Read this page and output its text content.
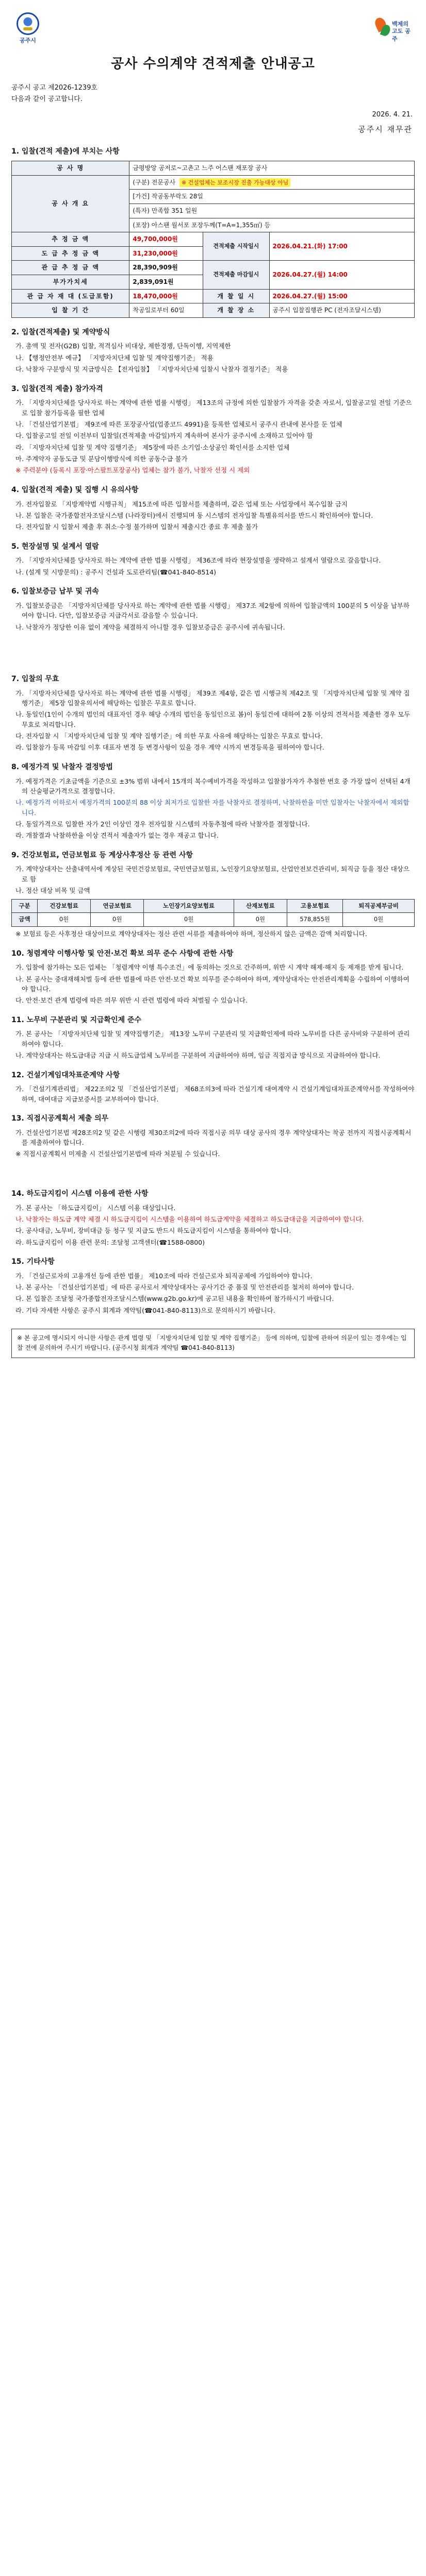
공주시
백제의
고도 공주
공사 수의계약 견적제출 안내공고
공주시 공고 제2026-1239호
다음과 같이 공고합니다.
2026. 4. 21.
공주시 재무관
1. 입찰(견적 제출)에 부치는 사항
공 사 명	금평방앙 공저로~고촌고 느주 어스팬 재포장 공사		
공 사 개 요	(구분) 전문공사 ※ 건설업체는 보조시장 진출 가능대상 아님		
	[가건] 작공동부락도 28일		
	(특자) 만족합 351 일원		
	(포장) 아스팬 월서포 포장두께(T=A=1,355㎡) 등		
추 정 금 액	49,700,000원	견적제출 시작일시	2026.04.21.(화) 17:00
도 급 추 정 금 액	31,230,000원		
관 급 추 정 금 액	28,390,909원	견적제출 마감일시	2026.04.27.(월) 14:00
부가가치세	2,839,091원		
관 급 자 재 대 (도급포함)	18,470,000원	개 찰 일 시	2026.04.27.(월) 15:00
입 찰 기 간	착공일로부터 60일	개 찰 장 소	공주시 입찰집행관 PC (전자조달시스템)
2. 입찰(견적제출) 및 계약방식
가. 총액 및 전자(G2B) 입찰, 적격심사 비대상, 제한경쟁, 단독이행, 지역제한
나. 【행정안전부 예규】 「지방자치단체 입찰 및 계약집행기준」 적용
다. 낙찰자 구분방식 및 지급방식은 【전자입찰】 「지방자치단체 입찰시 낙찰자 결정기준」 적용
3. 입찰(견적 제출) 참가자격
가. 「지방자치단체를 당사자로 하는 계약에 관한 법률 시행령」 제13조의 규정에 의한 입찰참가 자격을 갖춘 자로서, 입찰공고일 전일 기준으로 입찰 참가등록을 필한 업체
나. 「건설산업기본법」 제9조에 따른 포장공사업(업종코드 4991)을 등록한 업체로서 공주시 관내에 본사를 둔 업체
다. 입찰공고일 전일 이전부터 입찰일(견적제출 마감일)까지 계속하여 본사가 공주시에 소재하고 있어야 함
라. 「지방자치단체 입찰 및 계약 집행기준」 제5장에 따른 소기업·소상공인 확인서를 소지한 업체
마. 주계약자 공동도급 및 분담이행방식에 의한 공동수급 불가
※ 주력분야 (등록시 포장·아스팔트포장공사) 업체는 참가 불가, 낙찰자 선정 시 제외
4. 입찰(견적 제출) 및 집행 시 유의사항
가. 전자입찰로 「지방계약법 시행규칙」 제15조에 따른 입찰서를 제출하며, 같은 업체 또는 사업장에서 복수입찰 금지
나. 본 입찰은 국가종합전자조달시스템 (나라장터)에서 진행되며 동 시스템의 전자입찰 특별유의서를 반드시 확인하여야 합니다.
다. 전자입찰 시 입찰서 제출 후 취소·수정 불가하며 입찰서 제출시간 종료 후 제출 불가
5. 현장설명 및 설계서 열람
가. 「지방자치단체를 당사자로 하는 계약에 관한 법률 시행령」 제36조에 따라 현장설명을 생략하고 설계서 열람으로 갈음합니다.
나. (설계 및 시방문의) : 공주시 건설과 도로관리팀(☎041-840-8514)
6. 입찰보증금 납부 및 귀속
가. 입찰보증금은 「지방자치단체를 당사자로 하는 계약에 관한 법률 시행령」 제37조 제2항에 의하여 입찰금액의 100분의 5 이상을 납부하여야 합니다. 다만, 입찰보증금 지급각서로 갈음할 수 있습니다.
나. 낙찰자가 정당한 이유 없이 계약을 체결하지 아니할 경우 입찰보증금은 공주시에 귀속됩니다.
7. 입찰의 무효
가. 「지방자치단체를 당사자로 하는 계약에 관한 법률 시행령」 제39조 제4항, 같은 법 시행규칙 제42조 및 「지방자치단체 입찰 및 계약 집행기준」 제5장 입찰유의서에 해당하는 입찰은 무효로 합니다.
나. 동일인(1인이 수개의 법인의 대표자인 경우 해당 수개의 법인을 동일인으로 봄)이 동일건에 대하여 2통 이상의 견적서를 제출한 경우 모두 무효로 처리합니다.
다. 전자입찰 시 「지방자치단체 입찰 및 계약 집행기준」에 의한 무효 사유에 해당하는 입찰은 무효로 합니다.
라. 입찰참가 등록 마감일 이후 대표자 변경 등 변경사항이 있을 경우 계약 시까지 변경등록을 필하여야 합니다.
8. 예정가격 및 낙찰자 결정방법
가. 예정가격은 기초금액을 기준으로 ±3% 범위 내에서 15개의 복수예비가격을 작성하고 입찰참가자가 추첨한 번호 중 가장 많이 선택된 4개의 산술평균가격으로 결정합니다.
나. 예정가격 이하로서 예정가격의 100분의 88 이상 최저가로 입찰한 자를 낙찰자로 결정하며, 낙찰하한율 미만 입찰자는 낙찰자에서 제외합니다.
다. 동일가격으로 입찰한 자가 2인 이상인 경우 전자입찰 시스템의 자동추첨에 따라 낙찰자를 결정합니다.
라. 개찰결과 낙찰하한율 이상 견적서 제출자가 없는 경우 재공고 합니다.
9. 건강보험료, 연금보험료 등 계상사후정산 등 관련 사항
가. 계약상대자는 산출내역서에 계상된 국민건강보험료, 국민연금보험료, 노인장기요양보험료, 산업안전보건관리비, 퇴직금 등을 정산 대상으로 함
나. 정산 대상 비목 및 금액
구분	건강보험료	연금보험료	노인장기요양보험료	산재보험료	고용보험료	퇴직공제부금비
금액	0원	0원	0원	0원	578,855원	0원
※ 보험료 등은 사후정산 대상이므로 계약상대자는 정산 관련 서류를 제출하여야 하며, 정산하지 않은 금액은 감액 처리합니다.
10. 청렴계약 이행사항 및 안전·보건 확보 의무 준수 사항에 관한 사항
가. 입찰에 참가하는 모든 업체는 「청렴계약 이행 특수조건」에 동의하는 것으로 간주하며, 위반 시 계약 해제·해지 등 제재를 받게 됩니다.
나. 본 공사는 중대재해처벌 등에 관한 법률에 따른 안전·보건 확보 의무를 준수하여야 하며, 계약상대자는 안전관리계획을 수립하여 이행하여야 합니다.
다. 안전·보건 관계 법령에 따른 의무 위반 시 관련 법령에 따라 처벌될 수 있습니다.
11. 노무비 구분관리 및 지급확인제 준수
가. 본 공사는 「지방자치단체 입찰 및 계약집행기준」 제13장 노무비 구분관리 및 지급확인제에 따라 노무비를 다른 공사비와 구분하여 관리하여야 합니다.
나. 계약상대자는 하도급대금 지급 시 하도급업체 노무비를 구분하여 지급하여야 하며, 임금 직접지급 방식으로 지급하여야 합니다.
12. 건설기계임대차표준계약 사항
가. 「건설기계관리법」 제22조의2 및 「건설산업기본법」 제68조의3에 따라 건설기계 대여계약 시 건설기계임대차표준계약서를 작성하여야 하며, 대여대금 지급보증서를 교부하여야 합니다.
13. 직접시공계획서 제출 의무
가. 건설산업기본법 제28조의2 및 같은 시행령 제30조의2에 따라 직접시공 의무 대상 공사의 경우 계약상대자는 착공 전까지 직접시공계획서를 제출하여야 합니다.
※ 직접시공계획서 미제출 시 건설산업기본법에 따라 처분될 수 있습니다.
14. 하도급지킴이 시스템 이용에 관한 사항
가. 본 공사는 「하도급지킴이」 시스템 이용 대상입니다.
나. 낙찰자는 하도급 계약 체결 시 하도급지킴이 시스템을 이용하여 하도급계약을 체결하고 하도급대금을 지급하여야 합니다.
다. 공사대금, 노무비, 장비대금 등 청구 및 지급도 반드시 하도급지킴이 시스템을 통하여야 합니다.
라. 하도급지킴이 이용 관련 문의: 조달청 고객센터(☎1588-0800)
15. 기타사항
가. 「건설근로자의 고용개선 등에 관한 법률」 제10조에 따라 건설근로자 퇴직공제에 가입하여야 합니다.
나. 본 공사는 「건설산업기본법」에 따른 공사로서 계약상대자는 공사기간 중 품질 및 안전관리를 철저히 하여야 합니다.
다. 본 입찰은 조달청 국가종합전자조달시스템(www.g2b.go.kr)에 공고된 내용을 확인하여 참가하시기 바랍니다.
라. 기타 자세한 사항은 공주시 회계과 계약팀(☎041-840-8113)으로 문의하시기 바랍니다.
※ 본 공고에 명시되지 아니한 사항은 관계 법령 및 「지방자치단체 입찰 및 계약 집행기준」 등에 의하며, 입찰에 관하여 의문이 있는 경우에는 입찰 전에 문의하여 주시기 바랍니다. (공주시청 회계과 계약팀 ☎041-840-8113)
